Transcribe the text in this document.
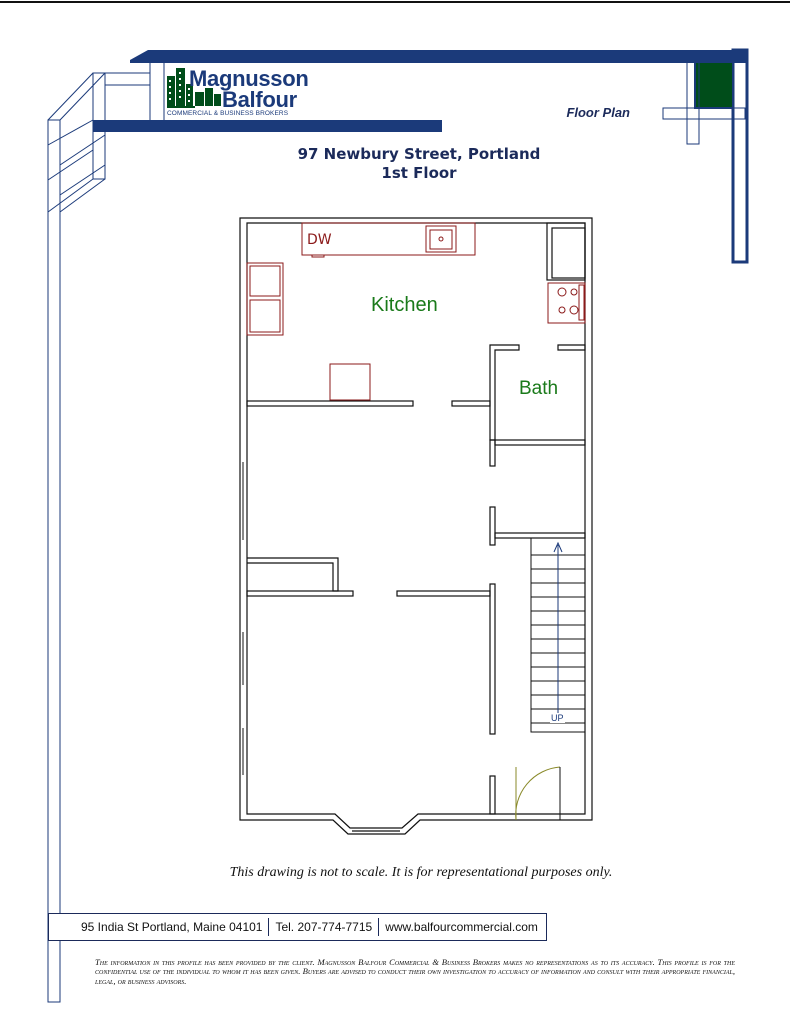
Magnusson
Balfour
COMMERCIAL & BUSINESS BROKERS	Floor Plan
97 Newbury Street, Portland
1st Floor
DW
Kitchen
Bath
UP
This drawing is not to scale. It is for representational purposes only.
95 India St Portland, Maine 04101	Tel. 207-774-7715	www.balfourcommercial.com
The information in this profile has been provided by the client. Magnusson Balfour Commercial & Business Brokers makes no representations as to its accuracy. This profile is for the confidential use of the individual to whom it has been given. Buyers are advised to conduct their own investigation to accuracy of information and consult with their appropriate financial, legal, or business advisors.
